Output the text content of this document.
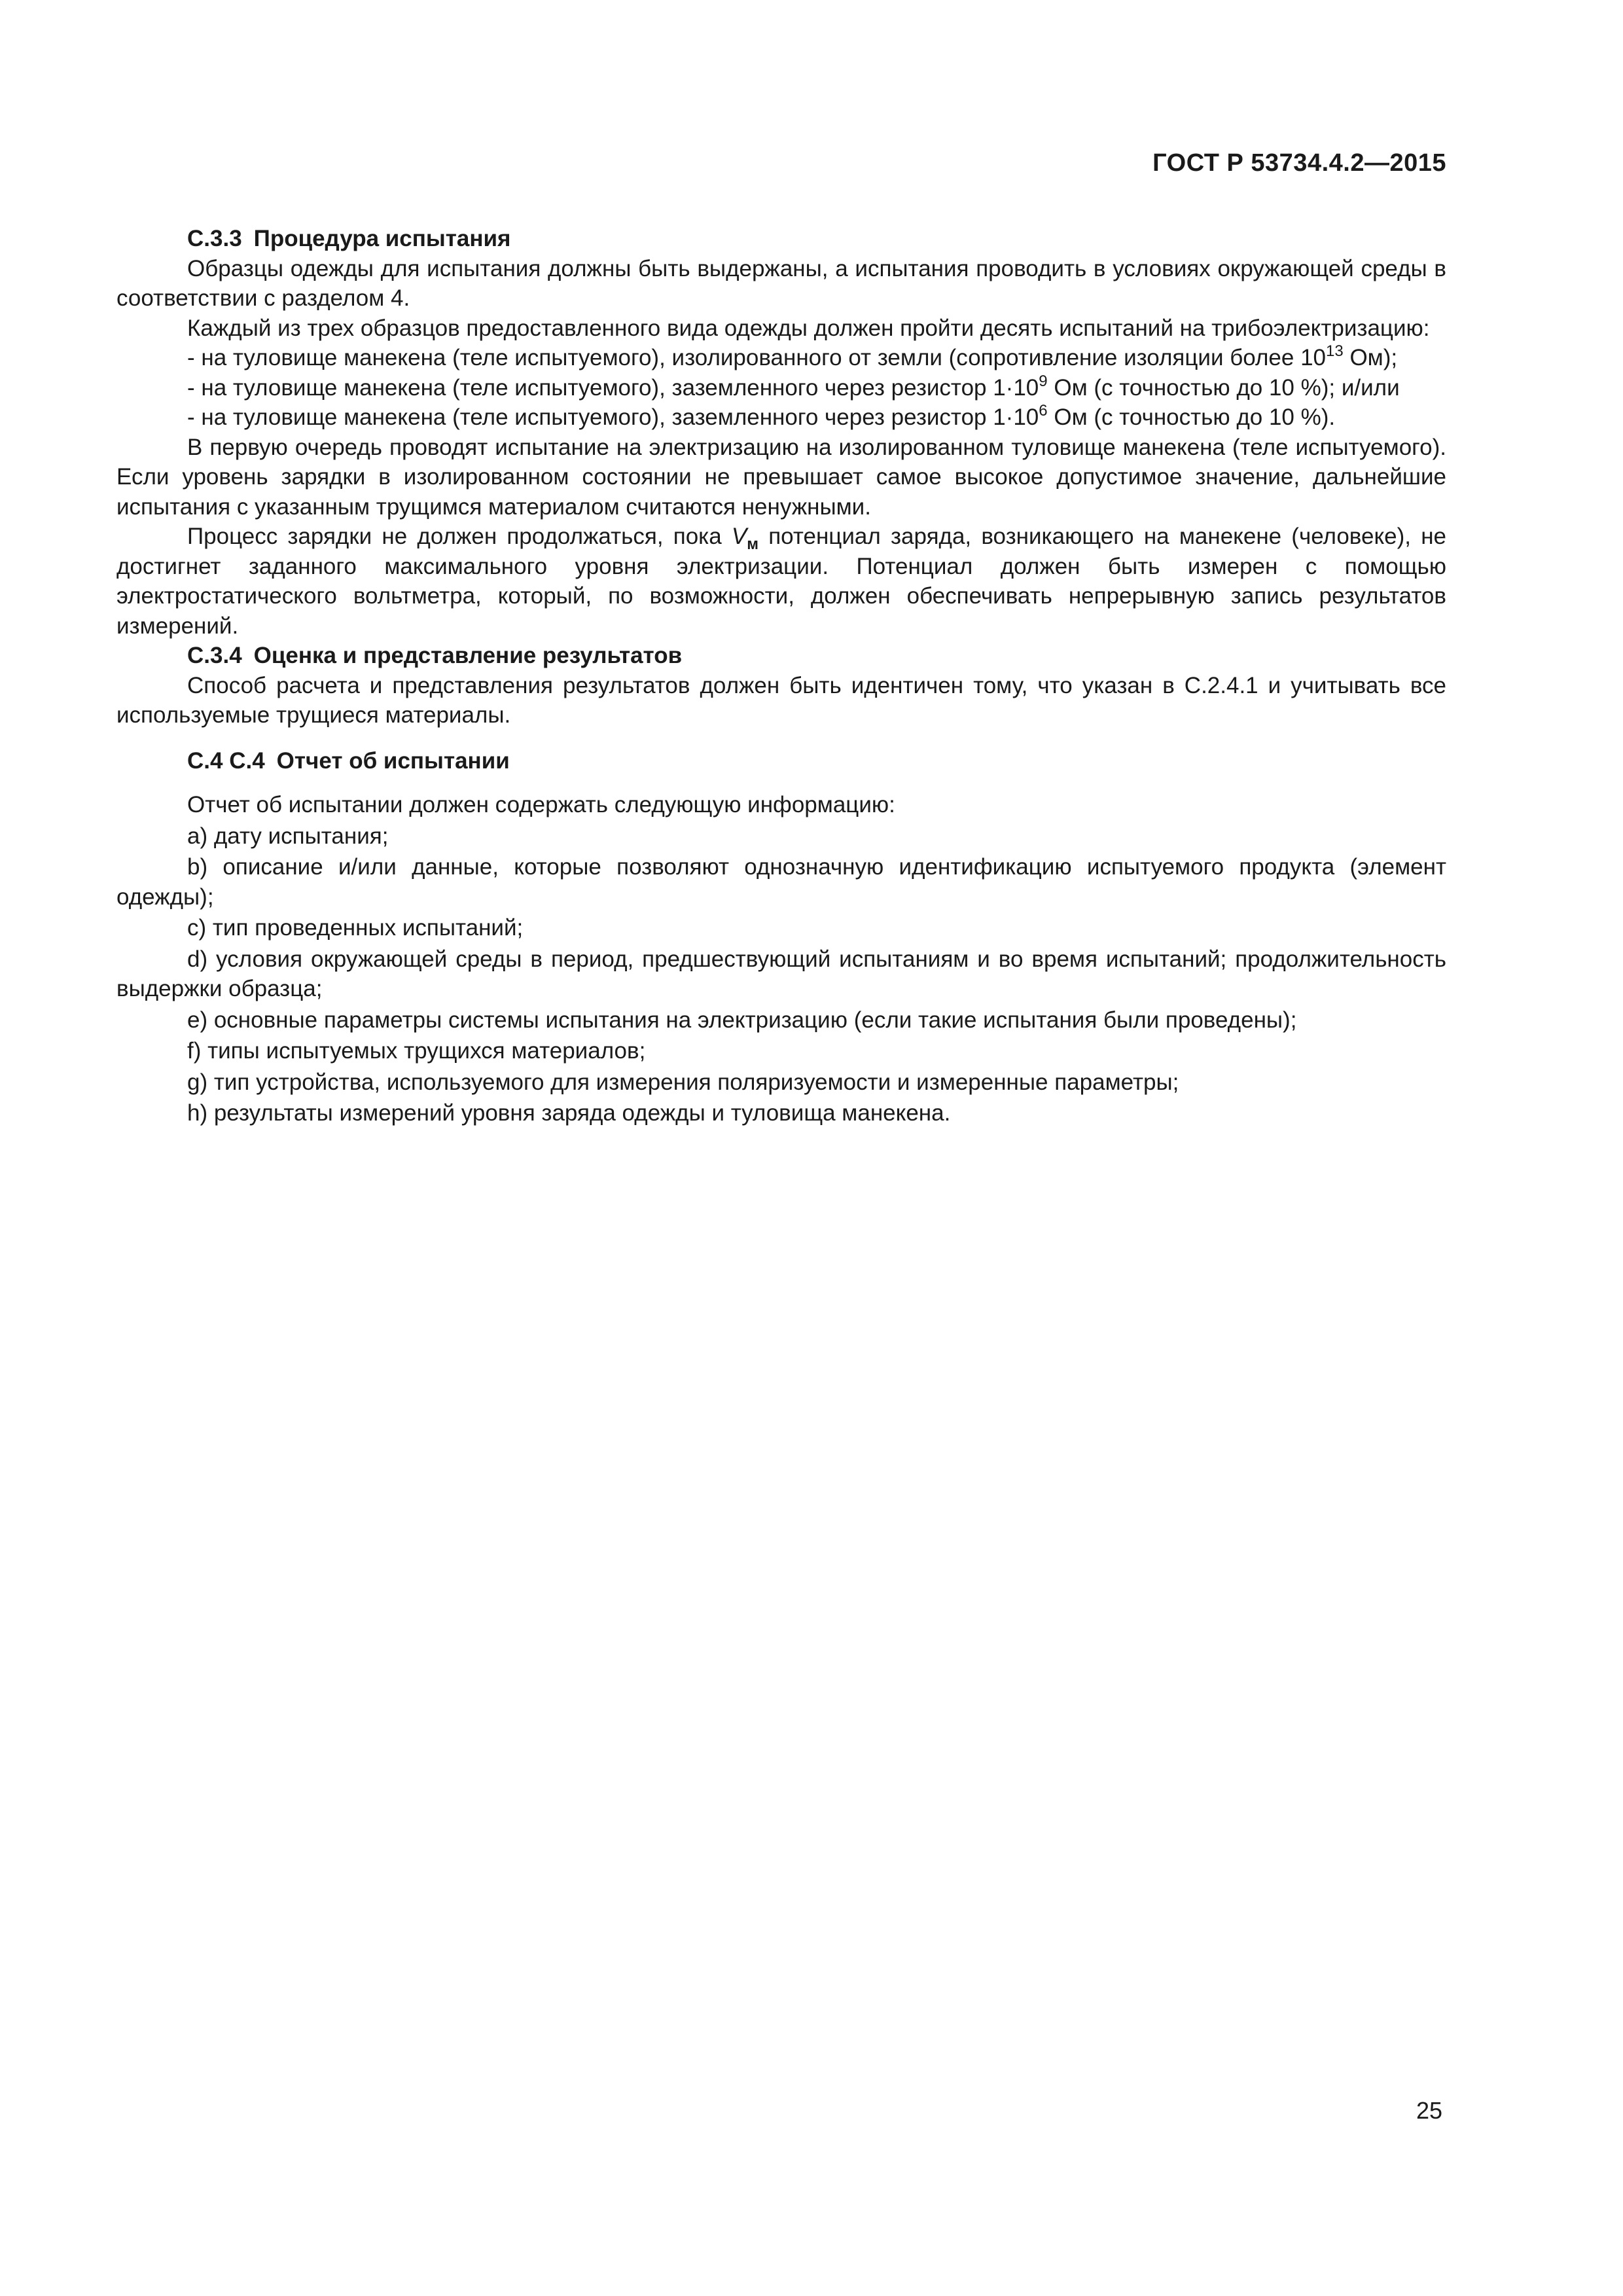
ГОСТ Р 53734.4.2—2015

С.3.3 Процедура испытания

Образцы одежды для испытания должны быть выдержаны, а испытания проводить в условиях окружающей среды в соответствии с разделом 4.

Каждый из трех образцов предоставленного вида одежды должен пройти десять испытаний на трибоэлектризацию:

- на туловище манекена (теле испытуемого), изолированного от земли (сопротивление изоляции более $10^{13}$ Ом);

- на туловище манекена (теле испытуемого), заземленного через резистор $1\cdot 10^9$ Ом (с точностью до 10 %); и/или

- на туловище манекена (теле испытуемого), заземленного через резистор $1\cdot 10^6$ Ом (с точностью до 10 %).

В первую очередь проводят испытание на электризацию на изолированном туловище манекена (теле испытуемого). Если уровень зарядки в изолированном состоянии не превышает самое высокое допустимое значение, дальнейшие испытания с указанным трущимся материалом считаются ненужными.

Процесс зарядки не должен продолжаться, пока $V_м$ потенциал заряда, возникающего на манекене (человеке), не достигнет заданного максимального уровня электризации. Потенциал должен быть измерен с помощью электростатического вольтметра, который, по возможности, должен обеспечивать непрерывную запись результатов измерений.

С.3.4 Оценка и представление результатов

Способ расчета и представления результатов должен быть идентичен тому, что указан в С.2.4.1 и учитывать все используемые трущиеся материалы.

С.4 С.4 Отчет об испытании

Отчет об испытании должен содержать следующую информацию:

a) дату испытания;

b) описание и/или данные, которые позволяют однозначную идентификацию испытуемого продукта (элемент одежды);

c) тип проведенных испытаний;

d) условия окружающей среды в период, предшествующий испытаниям и во время испытаний; продолжительность выдержки образца;

e) основные параметры системы испытания на электризацию (если такие испытания были проведены);

f) типы испытуемых трущихся материалов;

g) тип устройства, используемого для измерения поляризуемости и измеренные параметры;

h) результаты измерений уровня заряда одежды и туловища манекена.

25
